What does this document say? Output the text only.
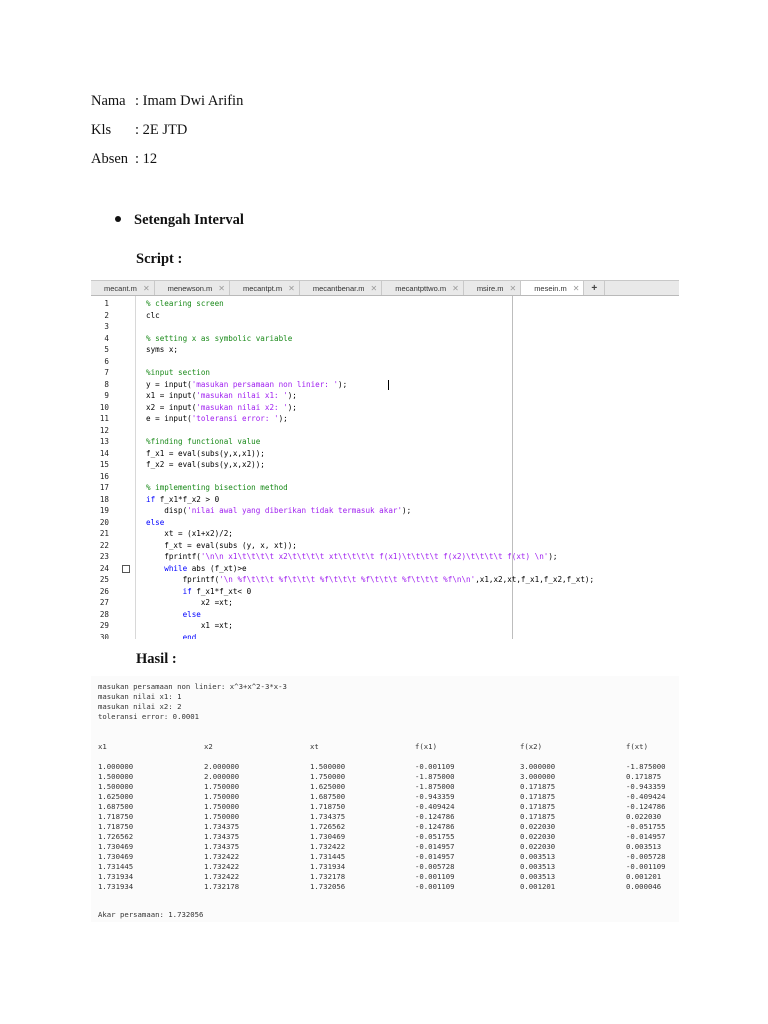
Nama : Imam Dwi Arifin
Kls : 2E JTD
Absen : 12
Setengah Interval
Script :
mecant.m ✕ menewson.m ✕ mecantpt.m ✕ mecantbenar.m ✕ mecantpttwo.m ✕ msire.m ✕ mesein.m ✕	+
1	% clearing screen
2	clc
3
4	% setting x as symbolic variable
5	syms x;
6
7	%input section
8	y = input('masukan persamaan non linier: ');
9	x1 = input('masukan nilai x1: ');
10	x2 = input('masukan nilai x2: ');
11	e = input('toleransi error: ');
12
13	%finding functional value
14	f_x1 = eval(subs(y,x,x1));
15	f_x2 = eval(subs(y,x,x2));
16
17	% implementing bisection method
18	if f_x1*f_x2 > 0
19	disp('nilai awal yang diberikan tidak termasuk akar');
20	else
21	xt = (x1+x2)/2;
22	f_xt = eval(subs (y, x, xt));
23	fprintf('\n\n x1\t\t\t\t x2\t\t\t\t xt\t\t\t\t f(x1)\t\t\t\t f(x2)\t\t\t\t f(xt) \n');
24	while abs (f_xt)>e
25	fprintf('\n %f\t\t\t %f\t\t\t %f\t\t\t %f\t\t\t %f\t\t\t %f\n\n',x1,x2,xt,f_x1,f_x2,f_xt);
26	if f_x1*f_xt< 0
27	x2 =xt;
28	else
29	x1 =xt;
30	end
Hasil :
masukan persamaan non linier: x^3+x^2-3*x-3
masukan nilai x1: 1
masukan nilai x2: 2
toleransi error: 0.0001
x1	x2	xt	f(x1)	f(x2)	f(xt)
1.000000	2.000000	1.500000	-0.001109	3.000000	-1.875000
1.500000	2.000000	1.750000	-1.875000	3.000000	0.171875
1.500000	1.750000	1.625000	-1.875000	0.171875	-0.943359
1.625000	1.750000	1.687500	-0.943359	0.171875	-0.409424
1.687500	1.750000	1.718750	-0.409424	0.171875	-0.124786
1.718750	1.750000	1.734375	-0.124786	0.171875	0.022030
1.718750	1.734375	1.726562	-0.124786	0.022030	-0.051755
1.726562	1.734375	1.730469	-0.051755	0.022030	-0.014957
1.730469	1.734375	1.732422	-0.014957	0.022030	0.003513
1.730469	1.732422	1.731445	-0.014957	0.003513	-0.005728
1.731445	1.732422	1.731934	-0.005728	0.003513	-0.001109
1.731934	1.732422	1.732178	-0.001109	0.003513	0.001201
1.731934	1.732178	1.732056	-0.001109	0.001201	0.000046
Akar persamaan: 1.732056
